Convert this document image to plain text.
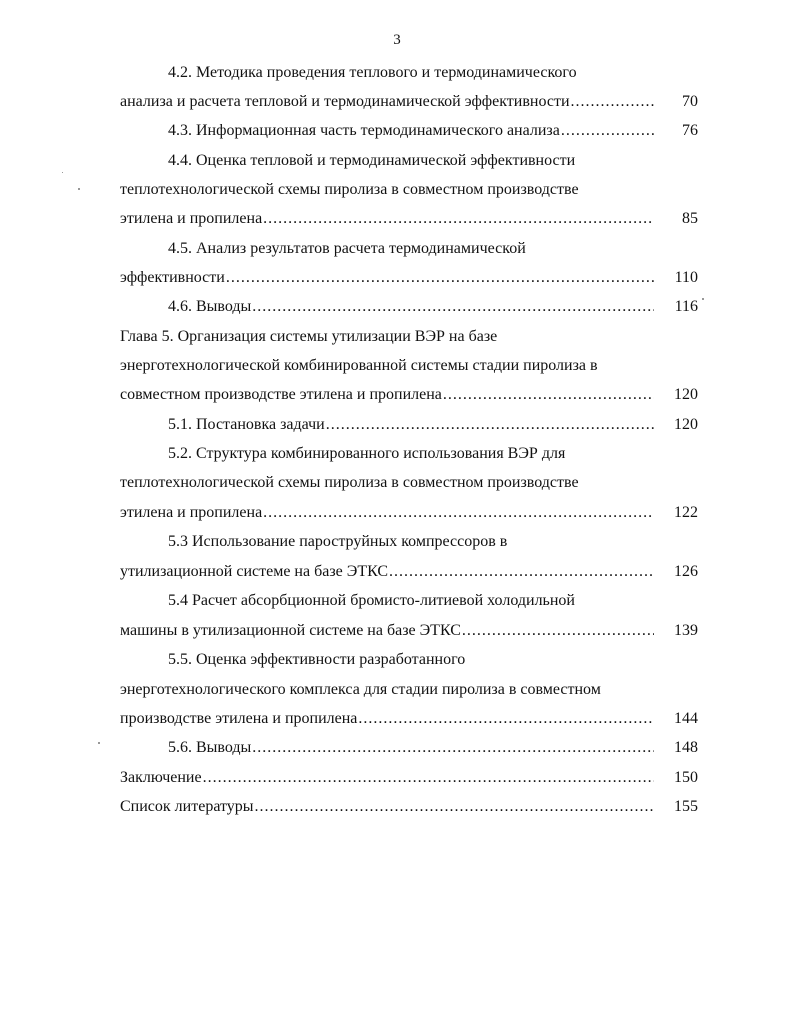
3
4.2. Методика проведения теплового и термодинамического
анализа и расчета тепловой и термодинамической эффективности .....	70
4.3. Информационная часть термодинамического анализа .....	76
4.4. Оценка тепловой и термодинамической эффективности
теплотехнологической схемы пиролиза в совместном производстве
этилена и пропилена .....	85
4.5. Анализ результатов расчета термодинамической
эффективности .....	110
4.6. Выводы .....	116
Глава 5. Организация системы утилизации ВЭР на базе
энерготехнологической комбинированной системы стадии пиролиза в
совместном производстве этилена и пропилена .....	120
5.1. Постановка задачи .....	120
5.2. Структура комбинированного использования ВЭР для
теплотехнологической схемы пиролиза в совместном производстве
этилена и пропилена .....	122
5.3 Использование пароструйных компрессоров в
утилизационной системе на базе ЭТКС .....	126
5.4 Расчет абсорбционной бромисто-литиевой холодильной
машины в утилизационной системе на базе ЭТКС .....	139
5.5. Оценка эффективности разработанного
энерготехнологического комплекса для стадии пиролиза в совместном
производстве этилена и пропилена .....	144
5.6. Выводы .....	148
Заключение .....	150
Список литературы .....	155
